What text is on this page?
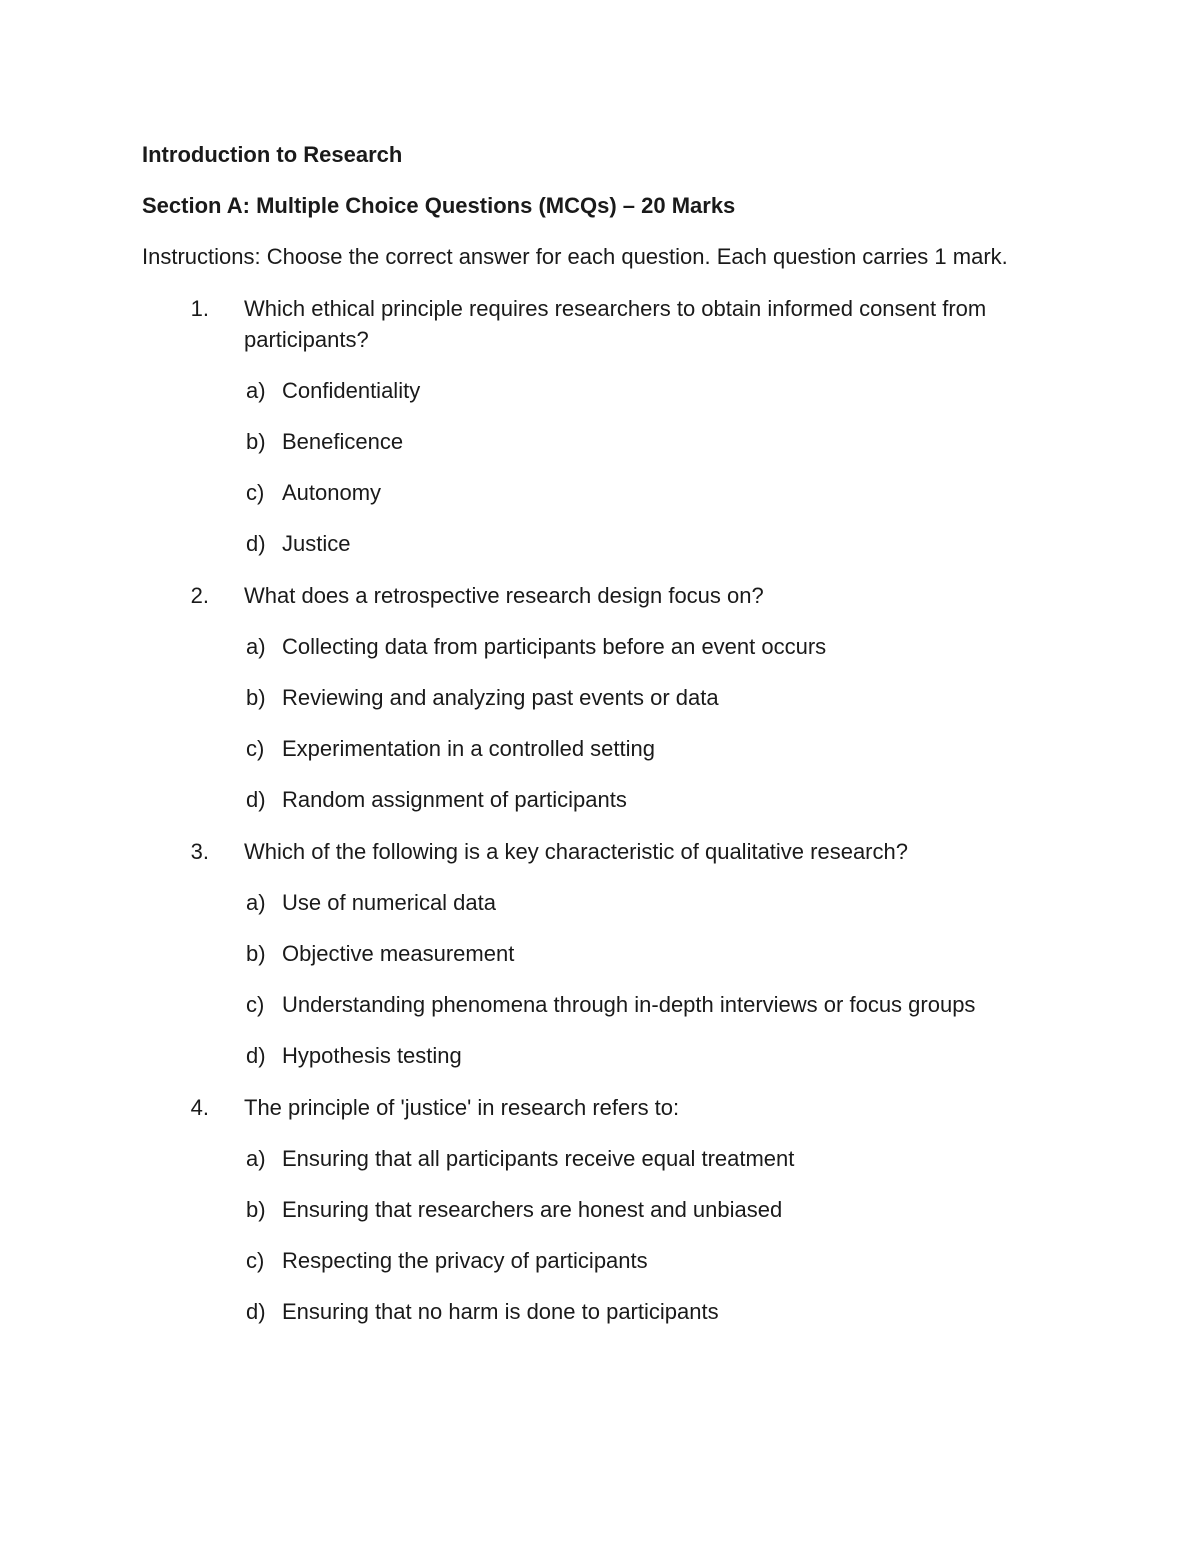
Introduction to Research

Section A: Multiple Choice Questions (MCQs) – 20 Marks

Instructions: Choose the correct answer for each question. Each question carries 1 mark.

1.	Which ethical principle requires researchers to obtain informed consent from participants?
a) Confidentiality
b) Beneficence
c) Autonomy
d) Justice
2.	What does a retrospective research design focus on?
a) Collecting data from participants before an event occurs
b) Reviewing and analyzing past events or data
c) Experimentation in a controlled setting
d) Random assignment of participants
3.	Which of the following is a key characteristic of qualitative research?
a) Use of numerical data
b) Objective measurement
c) Understanding phenomena through in-depth interviews or focus groups
d) Hypothesis testing
4.	The principle of 'justice' in research refers to:
a) Ensuring that all participants receive equal treatment
b) Ensuring that researchers are honest and unbiased
c) Respecting the privacy of participants
d) Ensuring that no harm is done to participants
